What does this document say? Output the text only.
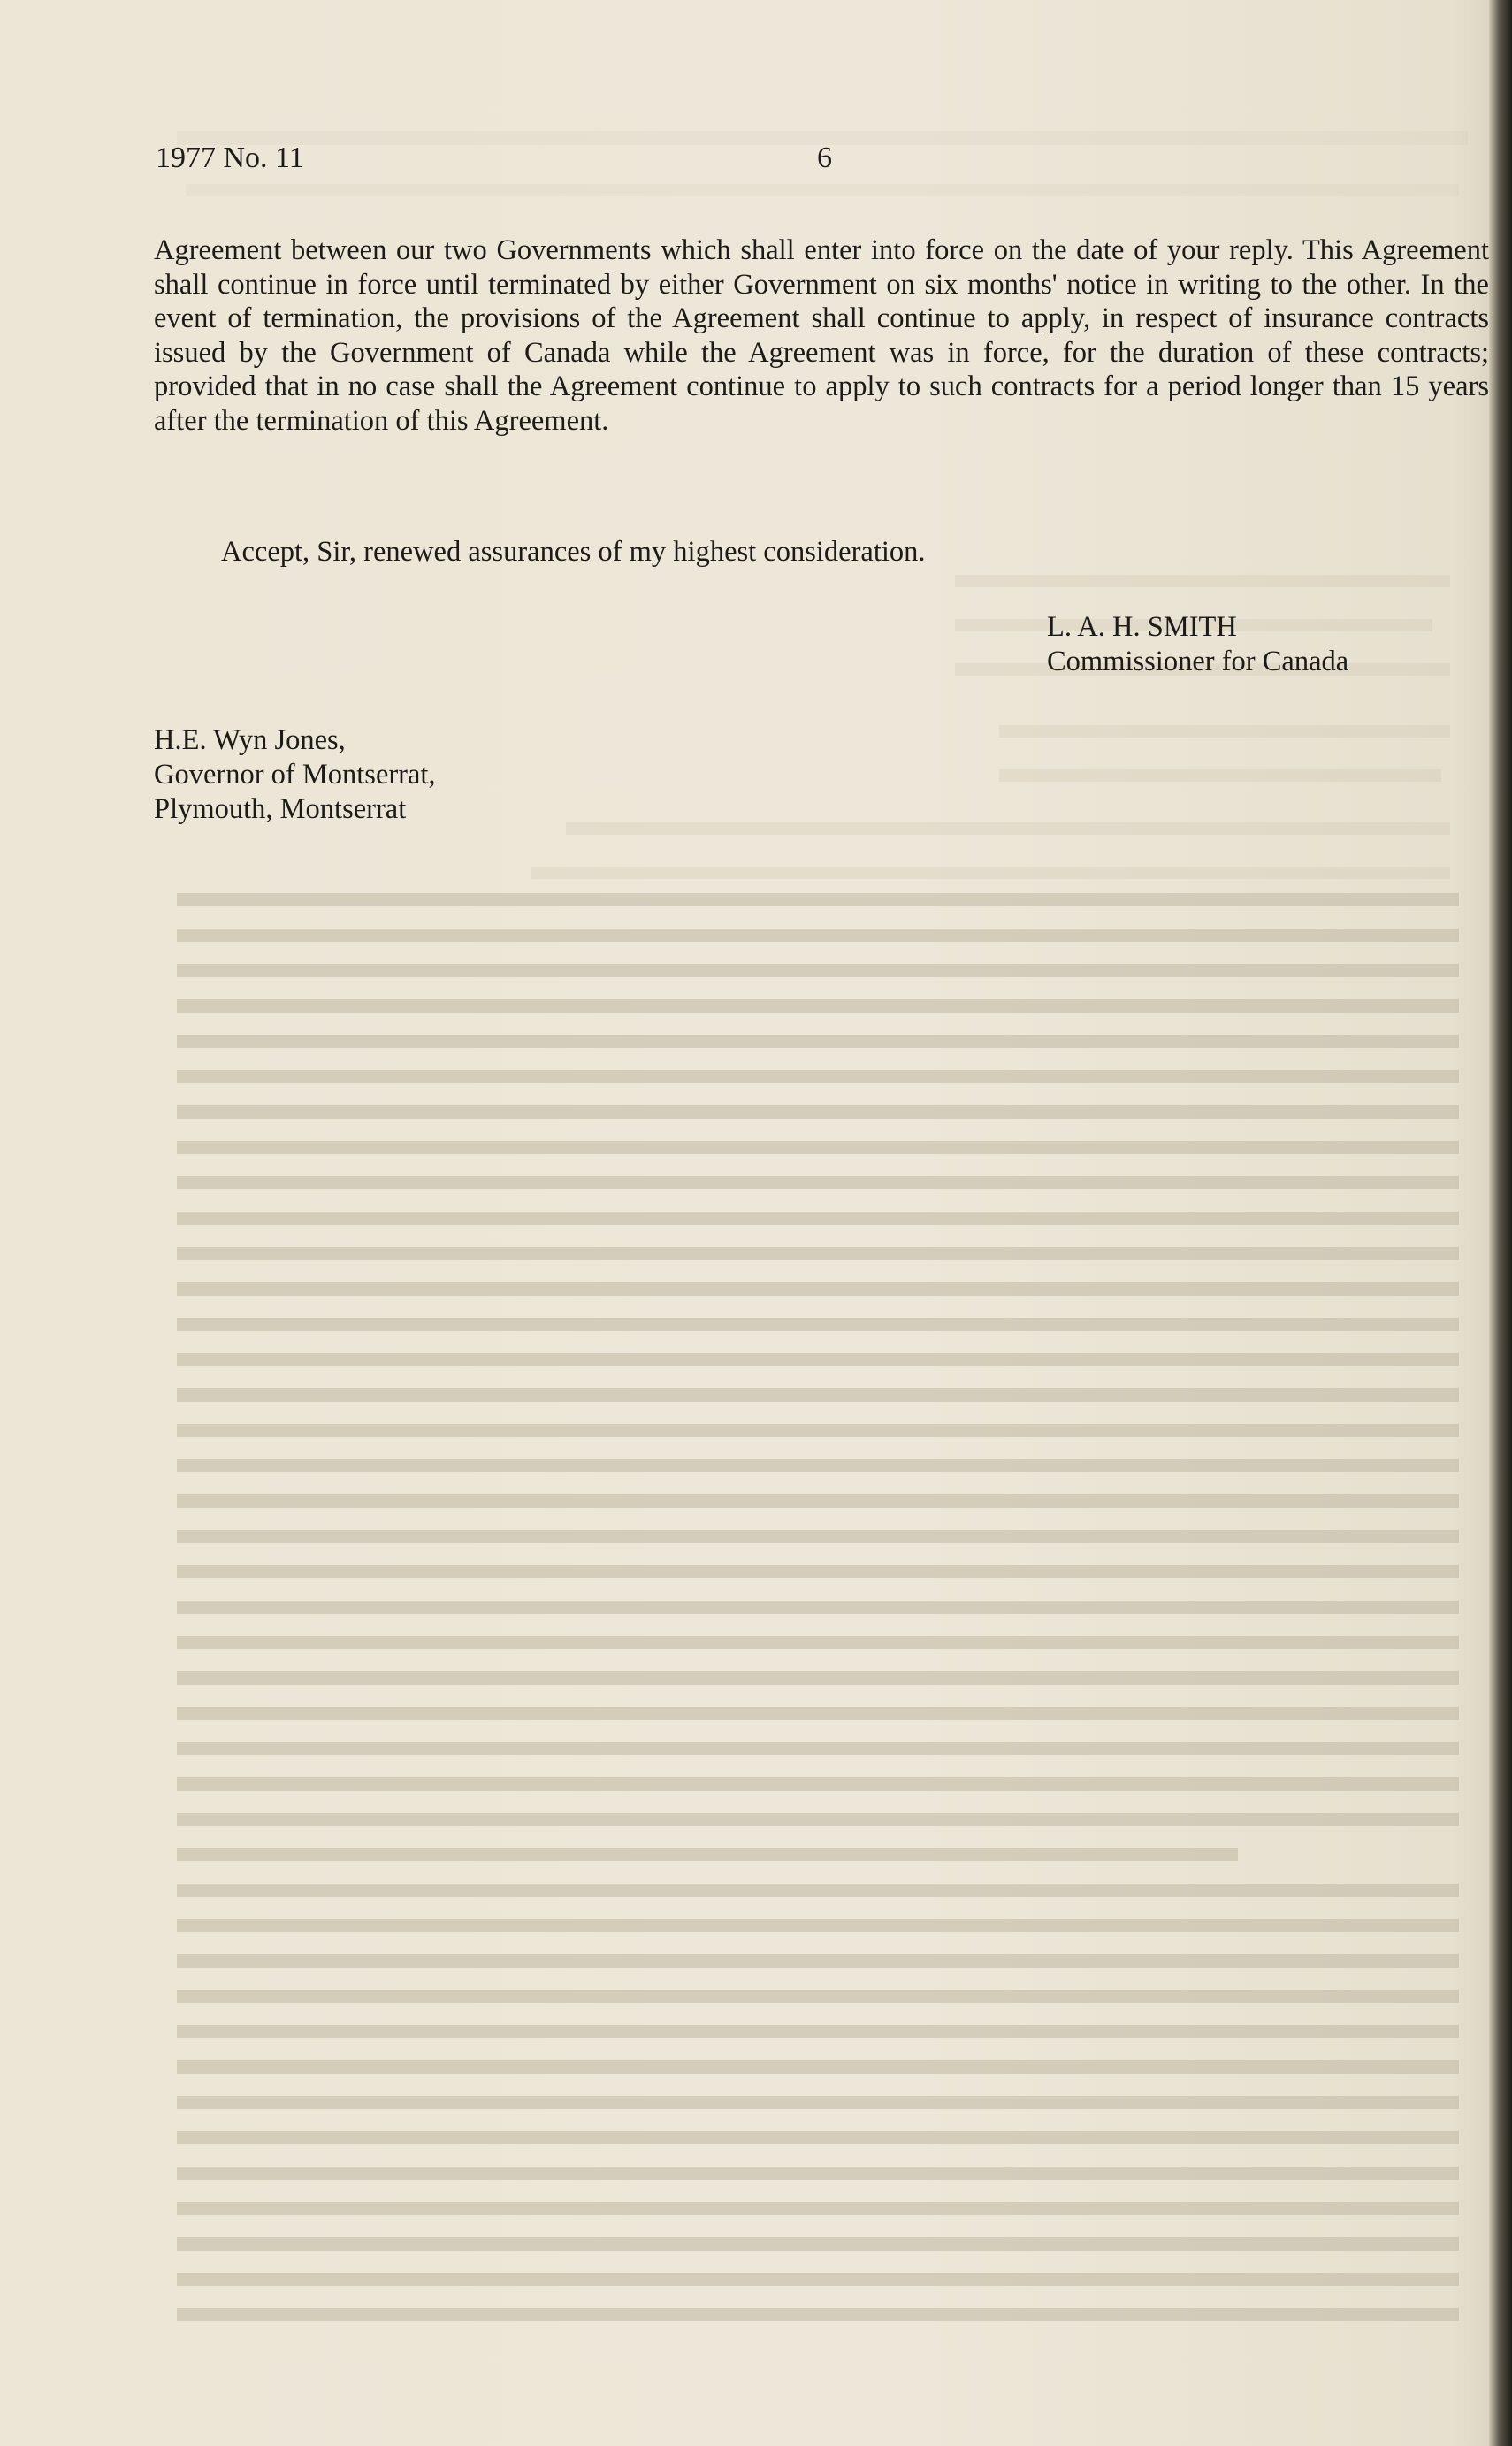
1977 No. 11	6

Agreement between our two Governments which shall enter into force on the date of your reply. This Agreement shall continue in force until terminated by either Government on six months' notice in writing to the other. In the event of termination, the provisions of the Agreement shall continue to apply, in respect of insurance contracts issued by the Government of Canada while the Agreement was in force, for the duration of these contracts; provided that in no case shall the Agreement continue to apply to such contracts for a period longer than 15 years after the termination of this Agreement.

Accept, Sir, renewed assurances of my highest consideration.

L. A. H. SMITH
Commissioner for Canada
H.E. Wyn Jones,
Governor of Montserrat,
Plymouth, Montserrat
